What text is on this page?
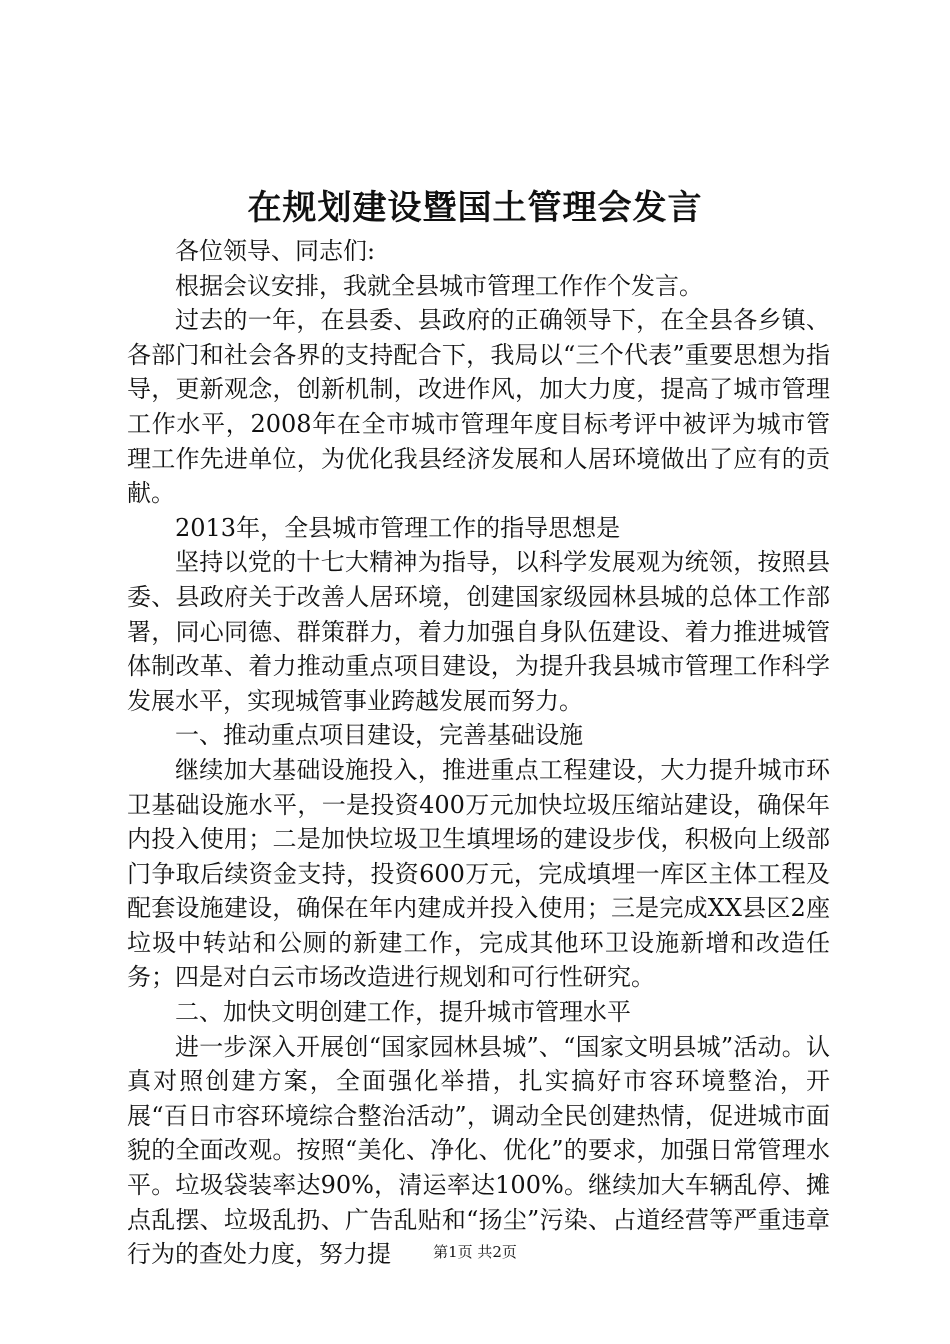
在规划建设暨国土管理会发言

各位领导、同志们:

根据会议安排，我就全县城市管理工作作个发言。

过去的一年，在县委、县政府的正确领导下，在全县各乡镇、各部门和社会各界的支持配合下，我局以“三个代表”重要思想为指导，更新观念，创新机制，改进作风，加大力度，提高了城市管理工作水平，2008年在全市城市管理年度目标考评中被评为城市管理工作先进单位，为优化我县经济发展和人居环境做出了应有的贡献。

2013年，全县城市管理工作的指导思想是

坚持以党的十七大精神为指导，以科学发展观为统领，按照县委、县政府关于改善人居环境，创建国家级园林县城的总体工作部署，同心同德、群策群力，着力加强自身队伍建设、着力推进城管体制改革、着力推动重点项目建设，为提升我县城市管理工作科学发展水平，实现城管事业跨越发展而努力。

一、推动重点项目建设，完善基础设施

继续加大基础设施投入，推进重点工程建设，大力提升城市环卫基础设施水平，一是投资400万元加快垃圾压缩站建设，确保年内投入使用；二是加快垃圾卫生填埋场的建设步伐，积极向上级部门争取后续资金支持，投资600万元，完成填埋一库区主体工程及配套设施建设，确保在年内建成并投入使用；三是完成XX县区2座垃圾中转站和公厕的新建工作，完成其他环卫设施新增和改造任务；四是对白云市场改造进行规划和可行性研究。

二、加快文明创建工作，提升城市管理水平

进一步深入开展创“国家园林县城”、“国家文明县城”活动。认真对照创建方案，全面强化举措，扎实搞好市容环境整治，开展“百日市容环境综合整治活动”，调动全民创建热情，促进城市面貌的全面改观。按照“美化、净化、优化”的要求，加强日常管理水平。垃圾袋装率达90%，清运率达100%。继续加大车辆乱停、摊点乱摆、垃圾乱扔、广告乱贴和“扬尘”污染、占道经营等严重违章行为的查处力度，努力提	第1页 共2页
